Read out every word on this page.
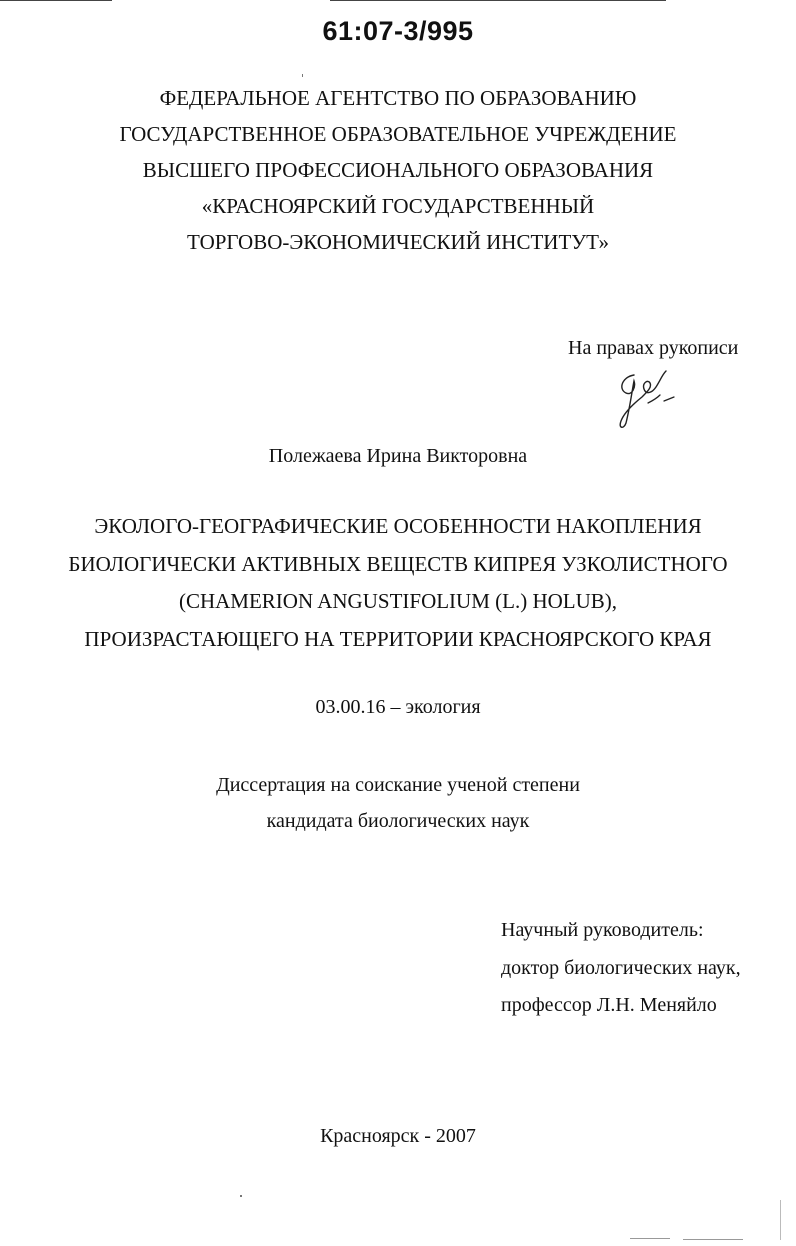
61:07-3/995
ФЕДЕРАЛЬНОЕ АГЕНТСТВО ПО ОБРАЗОВАНИЮ
ГОСУДАРСТВЕННОЕ ОБРАЗОВАТЕЛЬНОЕ УЧРЕЖДЕНИЕ
ВЫСШЕГО ПРОФЕССИОНАЛЬНОГО ОБРАЗОВАНИЯ
«КРАСНОЯРСКИЙ ГОСУДАРСТВЕННЫЙ
ТОРГОВО-ЭКОНОМИЧЕСКИЙ ИНСТИТУТ»
На правах рукописи
Полежаева Ирина Викторовна
ЭКОЛОГО-ГЕОГРАФИЧЕСКИЕ ОСОБЕННОСТИ НАКОПЛЕНИЯ
БИОЛОГИЧЕСКИ АКТИВНЫХ ВЕЩЕСТВ КИПРЕЯ УЗКОЛИСТНОГО
(CHAMERION ANGUSTIFOLIUM (L.) HOLUB),
ПРОИЗРАСТАЮЩЕГО НА ТЕРРИТОРИИ КРАСНОЯРСКОГО КРАЯ
03.00.16 – экология
Диссертация на соискание ученой степени
кандидата биологических наук
Научный руководитель:
доктор биологических наук,
профессор Л.Н. Меняйло
Красноярск - 2007
